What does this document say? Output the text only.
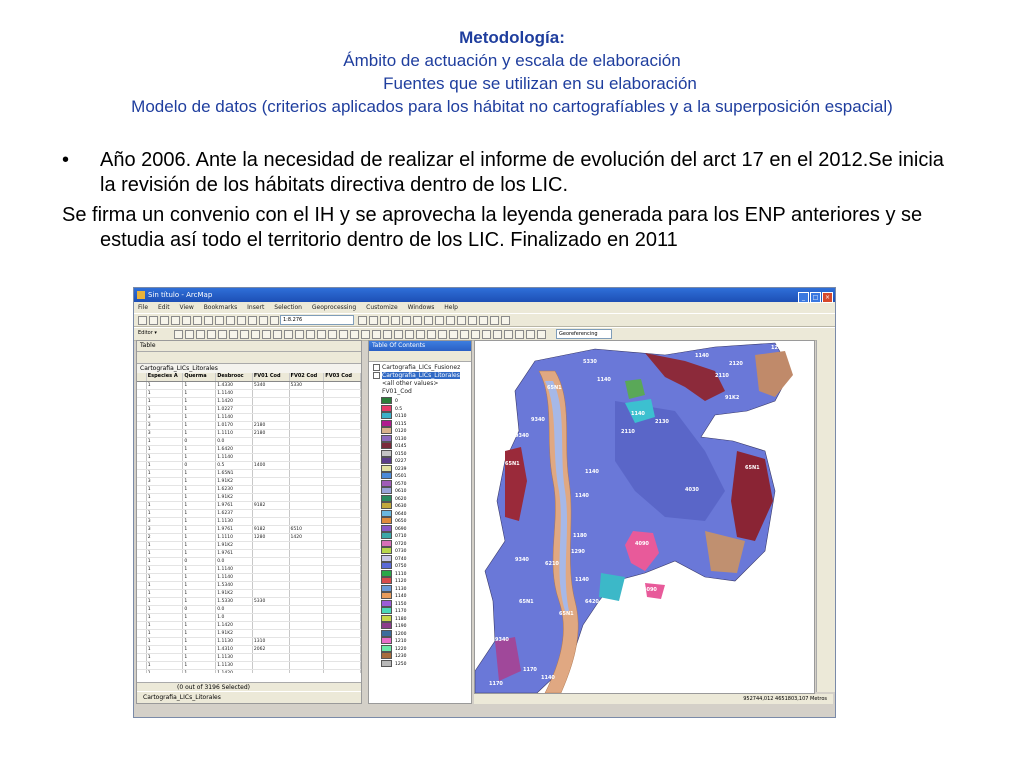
Metodología:
Ámbito de actuación y escala de elaboración
Fuentes que se utilizan en su elaboración
Modelo de datos (criterios aplicados para los hábitat no cartografíables y a la superposición espacial)
• Año 2006. Ante la necesidad de realizar el informe de evolución del arct 17 en el 2012.Se inicia la revisión de los hábitats directiva dentro de los LIC.
Se firma un convenio con el IH y se aprovecha la leyenda generada para los ENP anteriores y se estudia así todo el territorio dentro de los LIC. Finalizado en 2011
Sin título - ArcMap	_ □ ×
File Edit View Bookmarks Insert Selection Geoprocessing Customize Windows Help
1:8.276
Editor ▾	Georeferencing
Table
Cartografia_LICs_Litorales
Especies A	Querma	Desbrooc	FV01 Cod	FV02 Cod	FV03 Cod
1	1	1.4330	5340	5330
1	1	1.1140
1	1	1.1420
1	1	1.0227
3	1	1.1140
3	1	1.0170	2180
3	1	1.1110	2180
1	0	0.0
1	1	1.6420
1	1	1.1140
1	0	0.5	1400
1	1	1.65N1
3	1	1.91K2
1	1	1.6230
1	1	1.91K2
1	1	1.9761	9182
1	1	1.6237
3	1	1.1130
3	1	1.9761	9182	6510
2	1	1.1110	1280	1420
1	1	1.91K2
1	1	1.9761
1	0	0.0
1	1	1.1140
1	1	1.1140
1	1	1.5340
1	1	1.91K2
1	1	1.5330	5330
1	0	0.0
1	1	1.0
1	1	1.1420
1	1	1.91K2
1	1	1.1130	1310
1	1	1.4310	2062
1	1	1.1130
1	1	1.1130
(0 out of 3196 Selected)
Cartografia_LICs_Litorales
Table Of Contents
Cartografia_LICs_Fusionez
Cartografia_LICs_Litorales
<all other values>
FV01_Cod
0
0.5
0110
0115
0120
0130
0145
0150
0227
0239
0501
0570
0610
0620
0630
0640
0650
0690
0710
0720
0730
0740
0750
1110
1120
1130
1140
1150
1170
1180
1190
1200
1210
1220
1230
1250
1140
1230
5330
1140
2120
65N1
2110
91K2
9340
1140
2130
9340
2110
1140
65N1
65N1
1140
4030
1180
1290
9340
6210
1140
4090
65N1
4090
91K2
6420
65N1
9340
1170
1140
1170
952744,012 4651803,107 Metros
